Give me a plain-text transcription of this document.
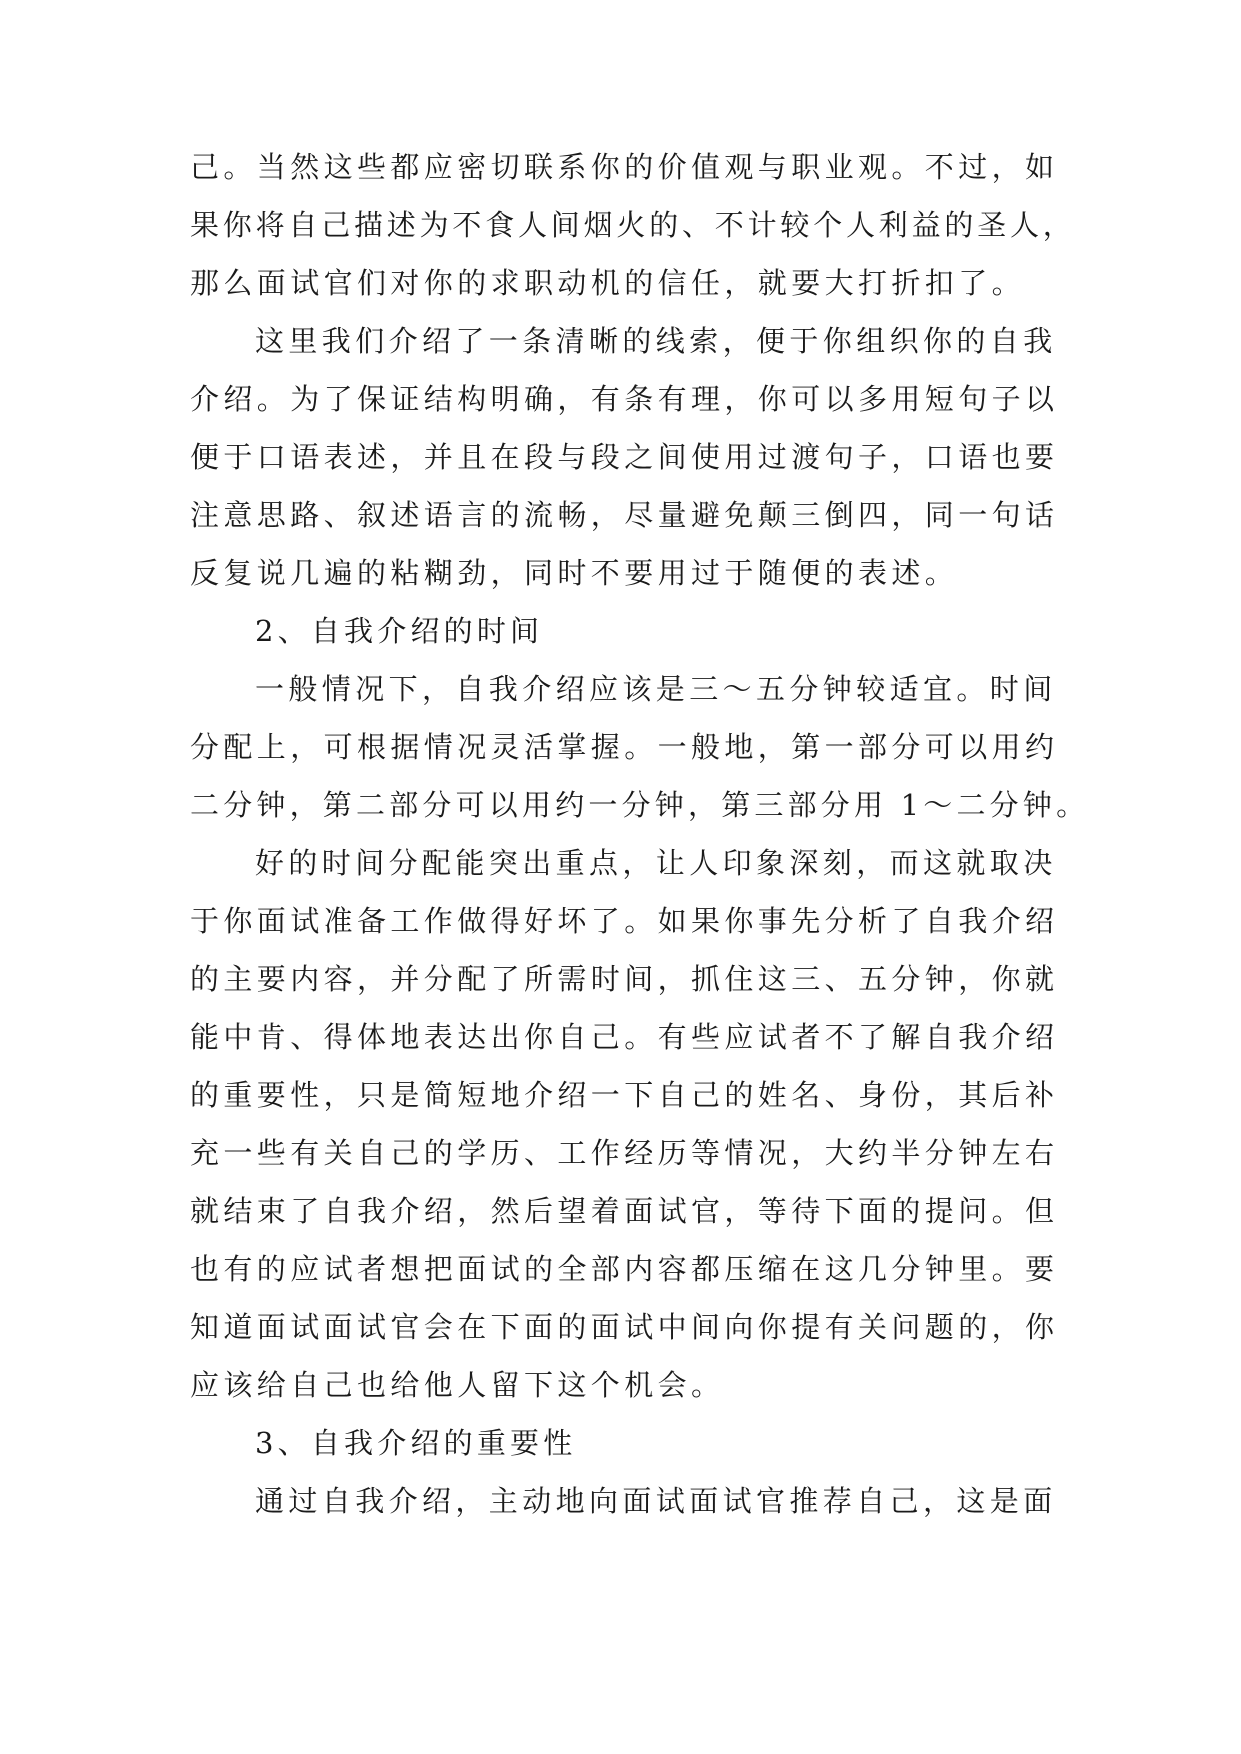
己。当然这些都应密切联系你的价值观与职业观。不过，如
果你将自己描述为不食人间烟火的、不计较个人利益的圣人，
那么面试官们对你的求职动机的信任，就要大打折扣了。
这里我们介绍了一条清晰的线索，便于你组织你的自我
介绍。为了保证结构明确，有条有理，你可以多用短句子以
便于口语表述，并且在段与段之间使用过渡句子，口语也要
注意思路、叙述语言的流畅，尽量避免颠三倒四，同一句话
反复说几遍的粘糊劲，同时不要用过于随便的表述。
2、自我介绍的时间
一般情况下，自我介绍应该是三～五分钟较适宜。时间
分配上，可根据情况灵活掌握。一般地，第一部分可以用约
二分钟，第二部分可以用约一分钟，第三部分用 1～二分钟。
好的时间分配能突出重点，让人印象深刻，而这就取决
于你面试准备工作做得好坏了。如果你事先分析了自我介绍
的主要内容，并分配了所需时间，抓住这三、五分钟，你就
能中肯、得体地表达出你自己。有些应试者不了解自我介绍
的重要性，只是简短地介绍一下自己的姓名、身份，其后补
充一些有关自己的学历、工作经历等情况，大约半分钟左右
就结束了自我介绍，然后望着面试官，等待下面的提问。但
也有的应试者想把面试的全部内容都压缩在这几分钟里。要
知道面试面试官会在下面的面试中间向你提有关问题的，你
应该给自己也给他人留下这个机会。
3、自我介绍的重要性
通过自我介绍，主动地向面试面试官推荐自己，这是面
